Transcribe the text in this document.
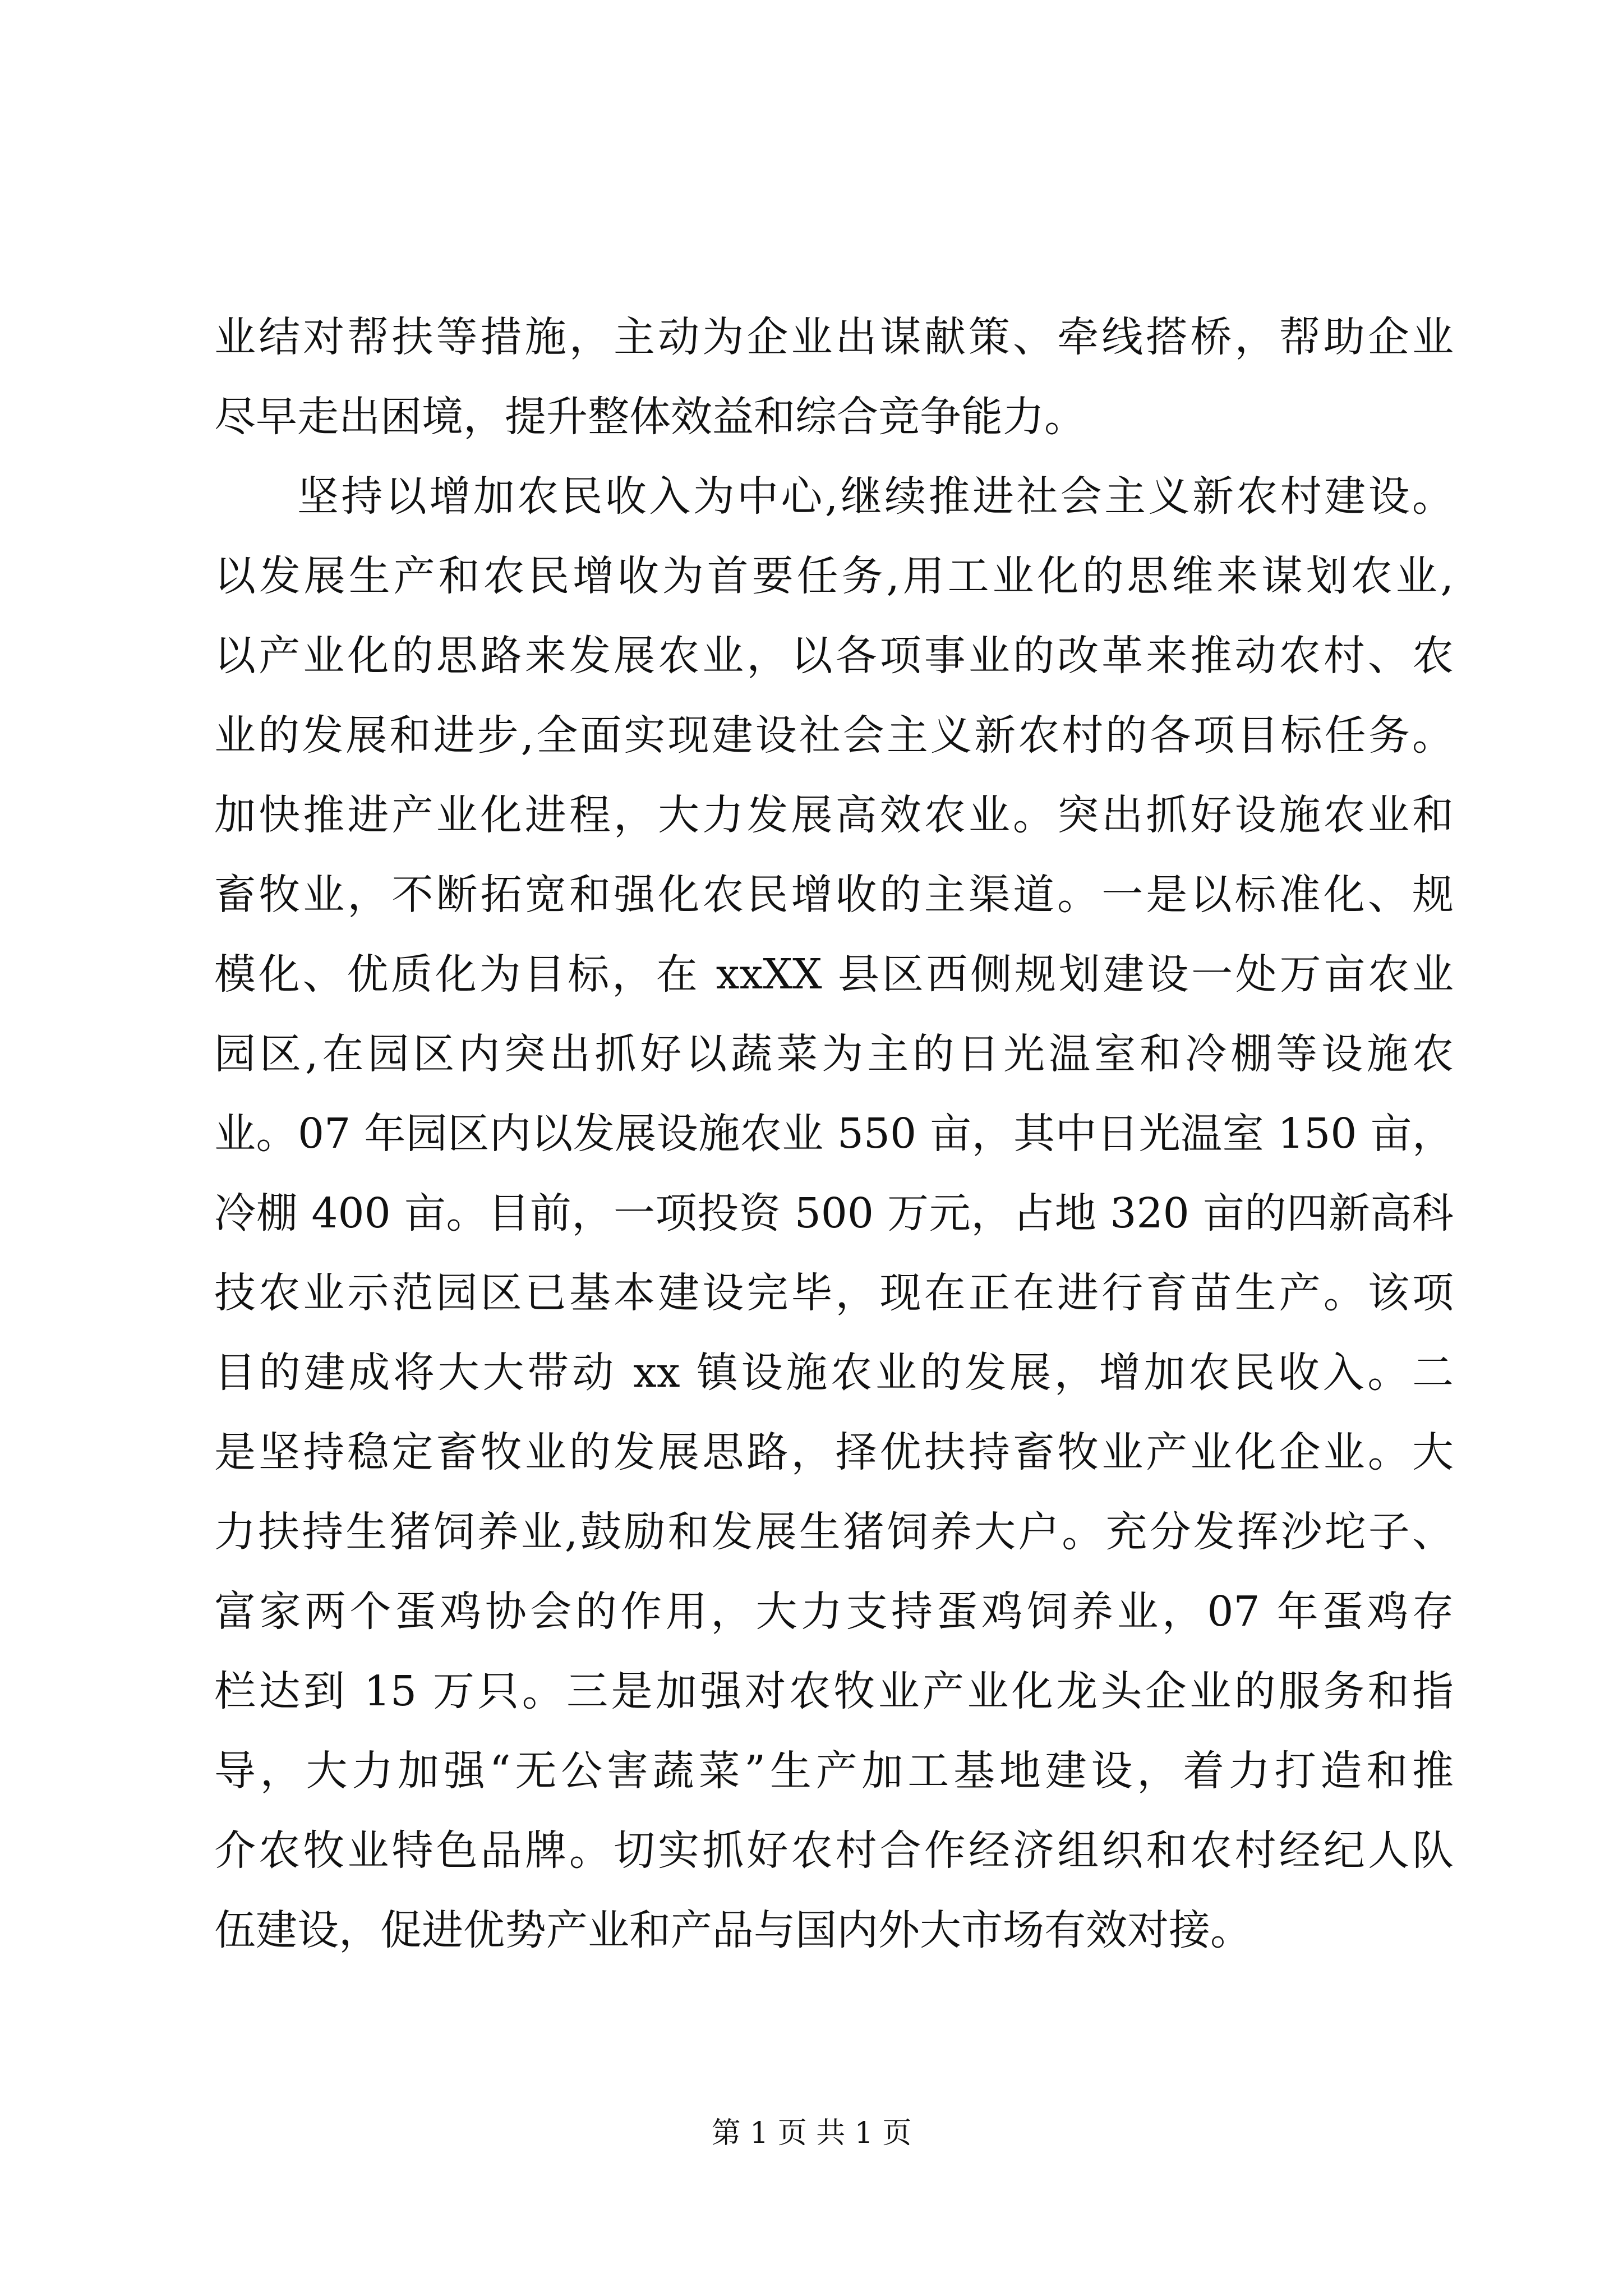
业结对帮扶等措施，主动为企业出谋献策、牵线搭桥，帮助企业
尽早走出困境，提升整体效益和综合竞争能力。
坚持以增加农民收入为中心,继续推进社会主义新农村建设。
以发展生产和农民增收为首要任务,用工业化的思维来谋划农业,
以产业化的思路来发展农业，以各项事业的改革来推动农村、农
业的发展和进步,全面实现建设社会主义新农村的各项目标任务。
加快推进产业化进程，大力发展高效农业。突出抓好设施农业和
畜牧业，不断拓宽和强化农民增收的主渠道。一是以标准化、规
模化、优质化为目标，在 xxXX 县区西侧规划建设一处万亩农业
园区,在园区内突出抓好以蔬菜为主的日光温室和冷棚等设施农
业。07 年园区内以发展设施农业 550 亩，其中日光温室 150 亩，
冷棚 400 亩。目前，一项投资 500 万元，占地 320 亩的四新高科
技农业示范园区已基本建设完毕，现在正在进行育苗生产。该项
目的建成将大大带动 xx 镇设施农业的发展，增加农民收入。二
是坚持稳定畜牧业的发展思路，择优扶持畜牧业产业化企业。大
力扶持生猪饲养业,鼓励和发展生猪饲养大户。充分发挥沙坨子、
富家两个蛋鸡协会的作用，大力支持蛋鸡饲养业，07 年蛋鸡存
栏达到 15 万只。三是加强对农牧业产业化龙头企业的服务和指
导，大力加强“无公害蔬菜”生产加工基地建设，着力打造和推
介农牧业特色品牌。切实抓好农村合作经济组织和农村经纪人队
伍建设，促进优势产业和产品与国内外大市场有效对接。
第 1 页 共 1 页
